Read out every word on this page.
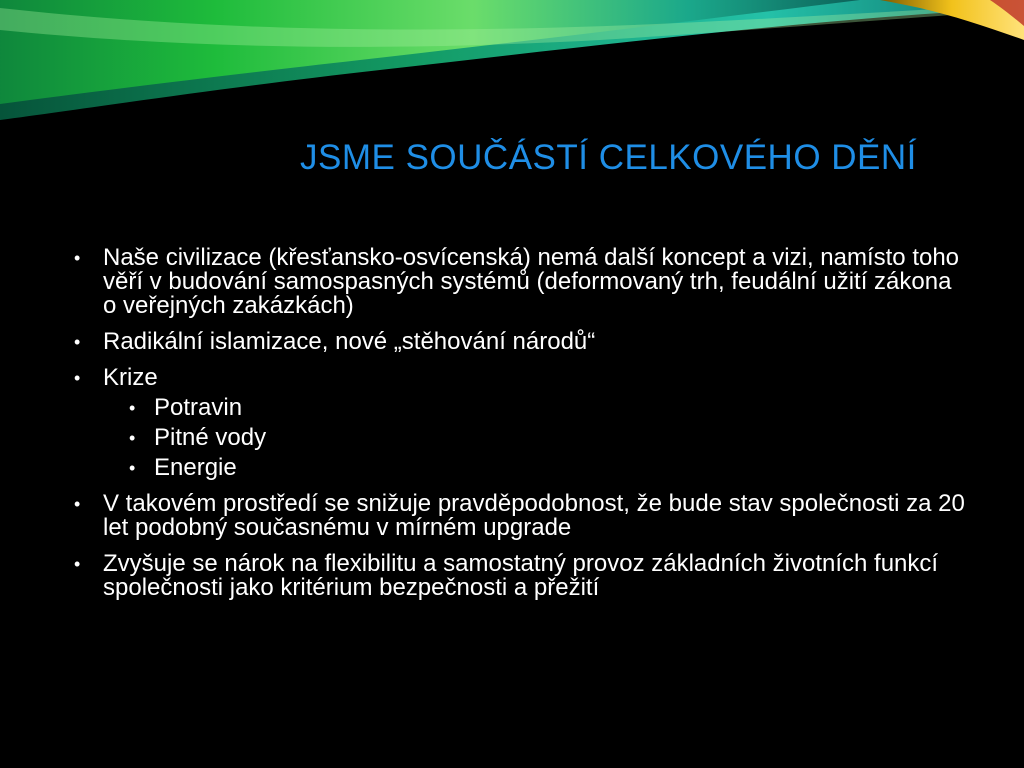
JSME SOUČÁSTÍ CELKOVÉHO DĚNÍ
• Naše civilizace (křesťansko-osvícenská) nemá další koncept a vizi, namísto toho věří v budování samospasných systémů (deformovaný trh, feudální užití zákona o veřejných zakázkách)
• Radikální islamizace, nové „stěhování národů“
• Krize
• Potravin
• Pitné vody
• Energie
• V takovém prostředí se snižuje pravděpodobnost, že bude stav společnosti za 20 let podobný současnému v mírném upgrade
• Zvyšuje se nárok na flexibilitu a samostatný provoz základních životních funkcí společnosti jako kritérium bezpečnosti a přežití
